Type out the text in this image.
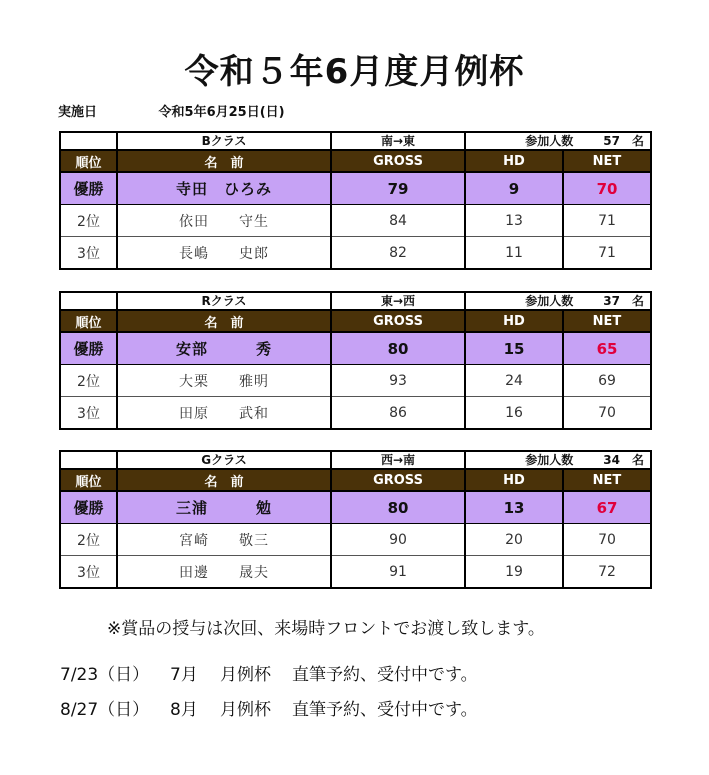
令和５年6月度月例杯
実施日	令和5年6月25日(日)
	Bクラス	南→東	参加人数 57　名	
順位	名　前	GROSS	HD	NET
優勝	寺田　ひろみ	79	9	70
2位	依田　　守生	84	13	71
3位	長嶋　　史郎	82	11	71
	Rクラス	東→西	参加人数 37　名	
順位	名　前	GROSS	HD	NET
優勝	安部　　　秀	80	15	65
2位	大栗　　雅明	93	24	69
3位	田原　　武和	86	16	70
	Gクラス	西→南	参加人数 34　名	
順位	名　前	GROSS	HD	NET
優勝	三浦　　　勉	80	13	67
2位	宮崎　　敬三	90	20	70
3位	田邊　　晟夫	91	19	72
※賞品の授与は次回、来場時フロントでお渡し致します。
7/23（日） 7月 月例杯 直筆予約、受付中です。
8/27（日） 8月 月例杯 直筆予約、受付中です。
